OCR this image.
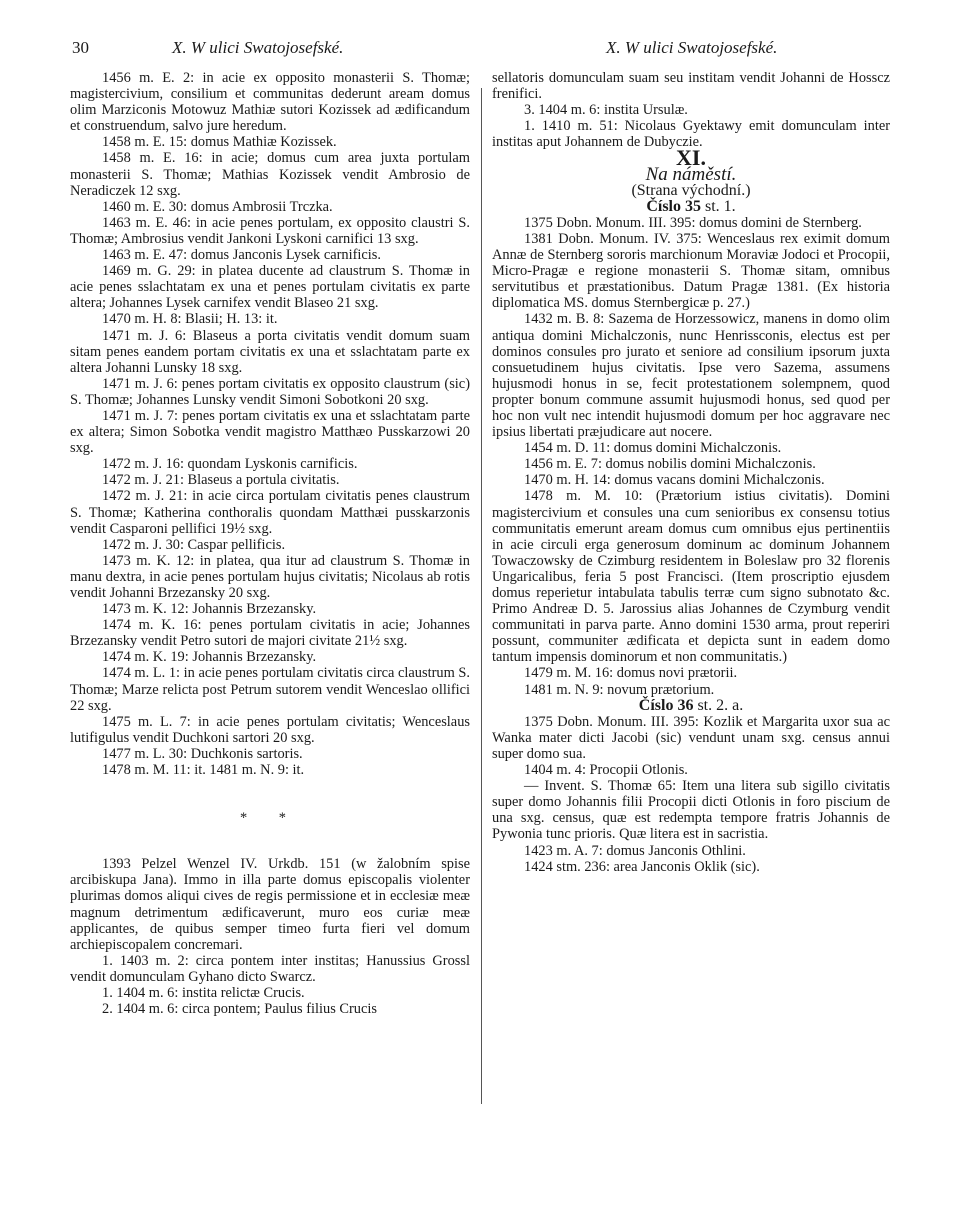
30	X. W ulici Swatojosefské.	X. W ulici Swatojosefské.

1456 m. E. 2: in acie ex opposito monasterii S. Thomæ; magistercivium, consilium et communitas dederunt aream domus olim Marziconis Motowuz Mathiæ sutori Kozissek ad ædificandum et construendum, salvo jure heredum.

1458 m. E. 15: domus Mathiæ Kozissek.

1458 m. E. 16: in acie; domus cum area juxta portulam monasterii S. Thomæ; Mathias Kozissek vendit Ambrosio de Neradiczek 12 sxg.

1460 m. E. 30: domus Ambrosii Trczka.

1463 m. E. 46: in acie penes portulam, ex opposito claustri S. Thomæ; Ambrosius vendit Jankoni Lyskoni carnifici 13 sxg.

1463 m. E. 47: domus Janconis Lysek carnificis.

1469 m. G. 29: in platea ducente ad claustrum S. Thomæ in acie penes sslachtatam ex una et penes portulam civitatis ex parte altera; Johannes Lysek carnifex vendit Blaseo 21 sxg.

1470 m. H. 8: Blasii; H. 13: it.

1471 m. J. 6: Blaseus a porta civitatis vendit domum suam sitam penes eandem portam civitatis ex una et sslachtatam parte ex altera Johanni Lunsky 18 sxg.

1471 m. J. 6: penes portam civitatis ex opposito claustrum (sic) S. Thomæ; Johannes Lunsky vendit Simoni Sobotkoni 20 sxg.

1471 m. J. 7: penes portam civitatis ex una et sslachtatam parte ex altera; Simon Sobotka vendit magistro Matthæo Pusskarzowi 20 sxg.

1472 m. J. 16: quondam Lyskonis carnificis.

1472 m. J. 21: Blaseus a portula civitatis.

1472 m. J. 21: in acie circa portulam civitatis penes claustrum S. Thomæ; Katherina conthoralis quondam Matthæi pusskarzonis vendit Casparoni pellifici 19½ sxg.

1472 m. J. 30: Caspar pellificis.

1473 m. K. 12: in platea, qua itur ad claustrum S. Thomæ in manu dextra, in acie penes portulam hujus civitatis; Nicolaus ab rotis vendit Johanni Brzezansky 20 sxg.

1473 m. K. 12: Johannis Brzezansky.

1474 m. K. 16: penes portulam civitatis in acie; Johannes Brzezansky vendit Petro sutori de majori civitate 21½ sxg.

1474 m. K. 19: Johannis Brzezansky.

1474 m. L. 1: in acie penes portulam civitatis circa claustrum S. Thomæ; Marze relicta post Petrum sutorem vendit Wenceslao ollifici 22 sxg.

1475 m. L. 7: in acie penes portulam civitatis; Wenceslaus lutifigulus vendit Duchkoni sartori 20 sxg.

1477 m. L. 30: Duchkonis sartoris.

1478 m. M. 11: it. 1481 m. N. 9: it.

* *

1393 Pelzel Wenzel IV. Urkdb. 151 (w žalobním spise arcibiskupa Jana). Immo in illa parte domus episcopalis violenter plurimas domos aliqui cives de regis permissione et in ecclesiæ meæ magnum detrimentum ædificaverunt, muro eos curiæ meæ applicantes, de quibus semper timeo furta fieri vel domum archiepiscopalem concremari.

1. 1403 m. 2: circa pontem inter institas; Hanussius Grossl vendit domunculam Gyhano dicto Swarcz.

1. 1404 m. 6: instita relictæ Crucis.

2. 1404 m. 6: circa pontem; Paulus filius Crucis

sellatoris domunculam suam seu institam vendit Johanni de Hosscz frenifici.

3. 1404 m. 6: instita Ursulæ.

1. 1410 m. 51: Nicolaus Gyektawy emit domunculam inter institas aput Johannem de Dubyczie.

XI.

Na náměstí.

(Strana východní.)

Číslo 35 st. 1.

1375 Dobn. Monum. III. 395: domus domini de Sternberg.

1381 Dobn. Monum. IV. 375: Wenceslaus rex eximit domum Annæ de Sternberg sororis marchionum Moraviæ Jodoci et Procopii, Micro-Pragæ e regione monasterii S. Thomæ sitam, omnibus servitutibus et præstationibus. Datum Pragæ 1381. (Ex historia diplomatica MS. domus Sternbergicæ p. 27.)

1432 m. B. 8: Sazema de Horzessowicz, manens in domo olim antiqua domini Michalczonis, nunc Henrissconis, electus est per dominos consules pro jurato et seniore ad consilium ipsorum juxta consuetudinem hujus civitatis. Ipse vero Sazema, assumens hujusmodi honus in se, fecit protestationem solempnem, quod propter bonum commune assumit hujusmodi honus, sed quod per hoc non vult nec intendit hujusmodi domum per hoc aggravare nec ipsius libertati præjudicare aut nocere.

1454 m. D. 11: domus domini Michalczonis.

1456 m. E. 7: domus nobilis domini Michalczonis.

1470 m. H. 14: domus vacans domini Michalczonis.

1478 m. M. 10: (Prætorium istius civitatis). Domini magistercivium et consules una cum senioribus ex consensu totius communitatis emerunt aream domus cum omnibus ejus pertinentiis in acie circuli erga generosum dominum ac dominum Johannem Towaczowsky de Czimburg residentem in Boleslaw pro 32 florenis Ungaricalibus, feria 5 post Francisci. (Item proscriptio ejusdem domus reperietur intabulata tabulis terræ cum signo subnotato &c. Primo Andreæ D. 5. Jarossius alias Johannes de Czymburg vendit communitati in parva parte. Anno domini 1530 arma, prout reperiri possunt, communiter ædificata et depicta sunt in eadem domo tantum impensis dominorum et non communitatis.)

1479 m. M. 16: domus novi prætorii.

1481 m. N. 9: novum prætorium.

Číslo 36 st. 2. a.

1375 Dobn. Monum. III. 395: Kozlik et Margarita uxor sua ac Wanka mater dicti Jacobi (sic) vendunt unam sxg. census annui super domo sua.

1404 m. 4: Procopii Otlonis.

— Invent. S. Thomæ 65: Item una litera sub sigillo civitatis super domo Johannis filii Procopii dicti Otlonis in foro piscium de una sxg. census, quæ est redempta tempore fratris Johannis de Pywonia tunc prioris. Quæ litera est in sacristia.

1423 m. A. 7: domus Janconis Othlini.

1424 stm. 236: area Janconis Oklik (sic).
